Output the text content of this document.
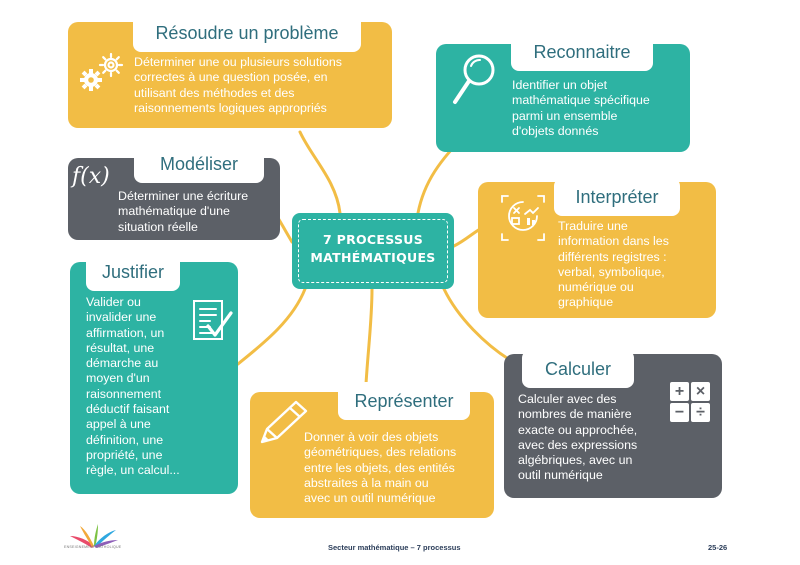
Déterminer une ou plusieurs solutions
correctes à une question posée, en
utilisant des méthodes et des
raisonnements logiques appropriés
Résoudre un problème
Identifier un objet
mathématique spécifique
parmi un ensemble
d'objets donnés
Reconnaitre
Déterminer une écriture
mathématique d'une
situation réelle
Modéliser
f(x)
Traduire une
information dans les
différents registres :
verbal, symbolique,
numérique ou
graphique
Interpréter
Valider ou
invalider une
affirmation, un
résultat, une
démarche au
moyen d'un
raisonnement
déductif faisant
appel à une
définition, une
propriété, une
règle, un calcul...
Justifier
Donner à voir des objets
géométriques, des relations
entre les objets, des entités
abstraites à la main ou
avec un outil numérique
Représenter	Calculer avec des
nombres de manière
exacte ou approchée,
avec des expressions
algébriques, avec un
outil numérique
Calculer
+ ×
− ÷
7 PROCESSUS
MATHÉMATIQUES
ENSEIGNEMENT CATHOLIQUE	Secteur mathématique – 7 processus	25-26
